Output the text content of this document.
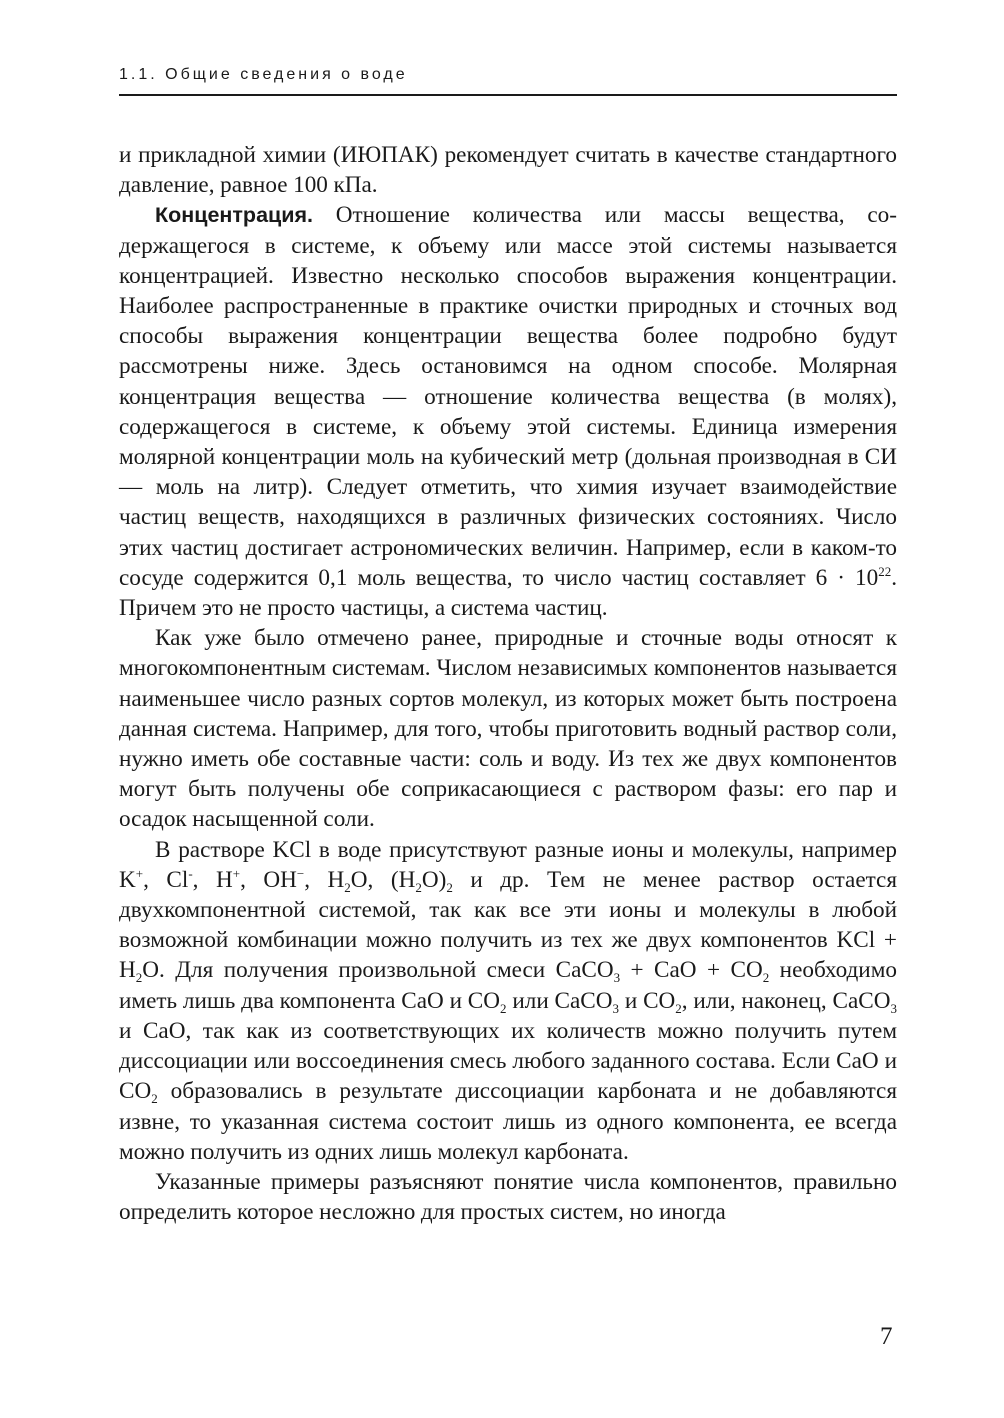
1.1. Общие сведения о воде

и прикладной химии (ИЮПАК) рекомендует считать в качестве стандартного давление, равное 100 кПа.

Концентрация. Отношение количества или массы вещества, содержащегося в системе, к объему или массе этой системы называется концентрацией. Известно несколько способов выражения концентрации. Наиболее распространенные в практике очистки природных и сточных вод способы выражения концентрации вещества более подробно будут рассмотрены ниже. Здесь остановимся на одном способе. Молярная концентрация вещества — отношение количества вещества (в молях), содержащегося в системе, к объему этой системы. Единица измерения молярной концентрации моль на кубический метр (дольная производная в СИ — моль на литр). Следует отметить, что химия изучает взаимодействие частиц веществ, находящихся в различных физических состояниях. Число этих частиц достигает астрономических величин. Например, если в каком-то сосуде содержится 0,1 моль вещества, то число частиц составляет $6 \cdot 10^{22}$. Причем это не просто частицы, а система частиц.

Как уже было отмечено ранее, природные и сточные воды относят к многокомпонентным системам. Числом независимых компонентов называется наименьшее число разных сортов молекул, из которых может быть построена данная система. Например, для того, чтобы приготовить водный раствор соли, нужно иметь обе составные части: соль и воду. Из тех же двух компонентов могут быть получены обе соприкасающиеся с раствором фазы: его пар и осадок насыщенной соли.

В растворе KCl в воде присутствуют разные ионы и молекулы, например K+, Cl-, H+, OH−, $H_2O$, $(H_2O)_2$ и др. Тем не менее раствор остается двухкомпонентной системой, так как все эти ионы и молекулы в любой возможной комбинации можно получить из тех же двух компонентов KCl + $H_2O$. Для получения произвольной смеси CaCO$_3$ + CaO + $CO_2$ необходимо иметь лишь два компонента CaO и $CO_2$ или CaCO$_3$ и $CO_2$, или, наконец, CaCO$_3$ и CaO, так как из соответствующих их количеств можно получить путем диссоциации или воссоединения смесь любого заданного состава. Если CaO и $CO_2$ образовались в результате диссоциации карбоната и не добавляются извне, то указанная система состоит лишь из одного компонента, ее всегда можно получить из одних лишь молекул карбоната.

Указанные примеры разъясняют понятие числа компонентов, правильно определить которое несложно для простых систем, но иногда

7
